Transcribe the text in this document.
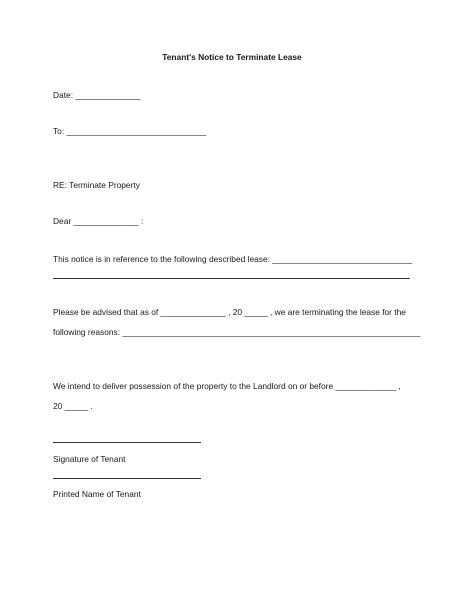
Tenant's Notice to Terminate Lease
Date: ______________
To: ______________________________
RE: Terminate Property
Dear ______________ :
This notice is in reference to the following described lease: ______________________________
Please be advised that as of ______________ , 20 _____ , we are terminating the lease for the
following reasons: ________________________________________________________________
We intend to deliver possession of the property to the Landlord on or before _____________ ,
20 _____ .
Signature of Tenant
Printed Name of Tenant
